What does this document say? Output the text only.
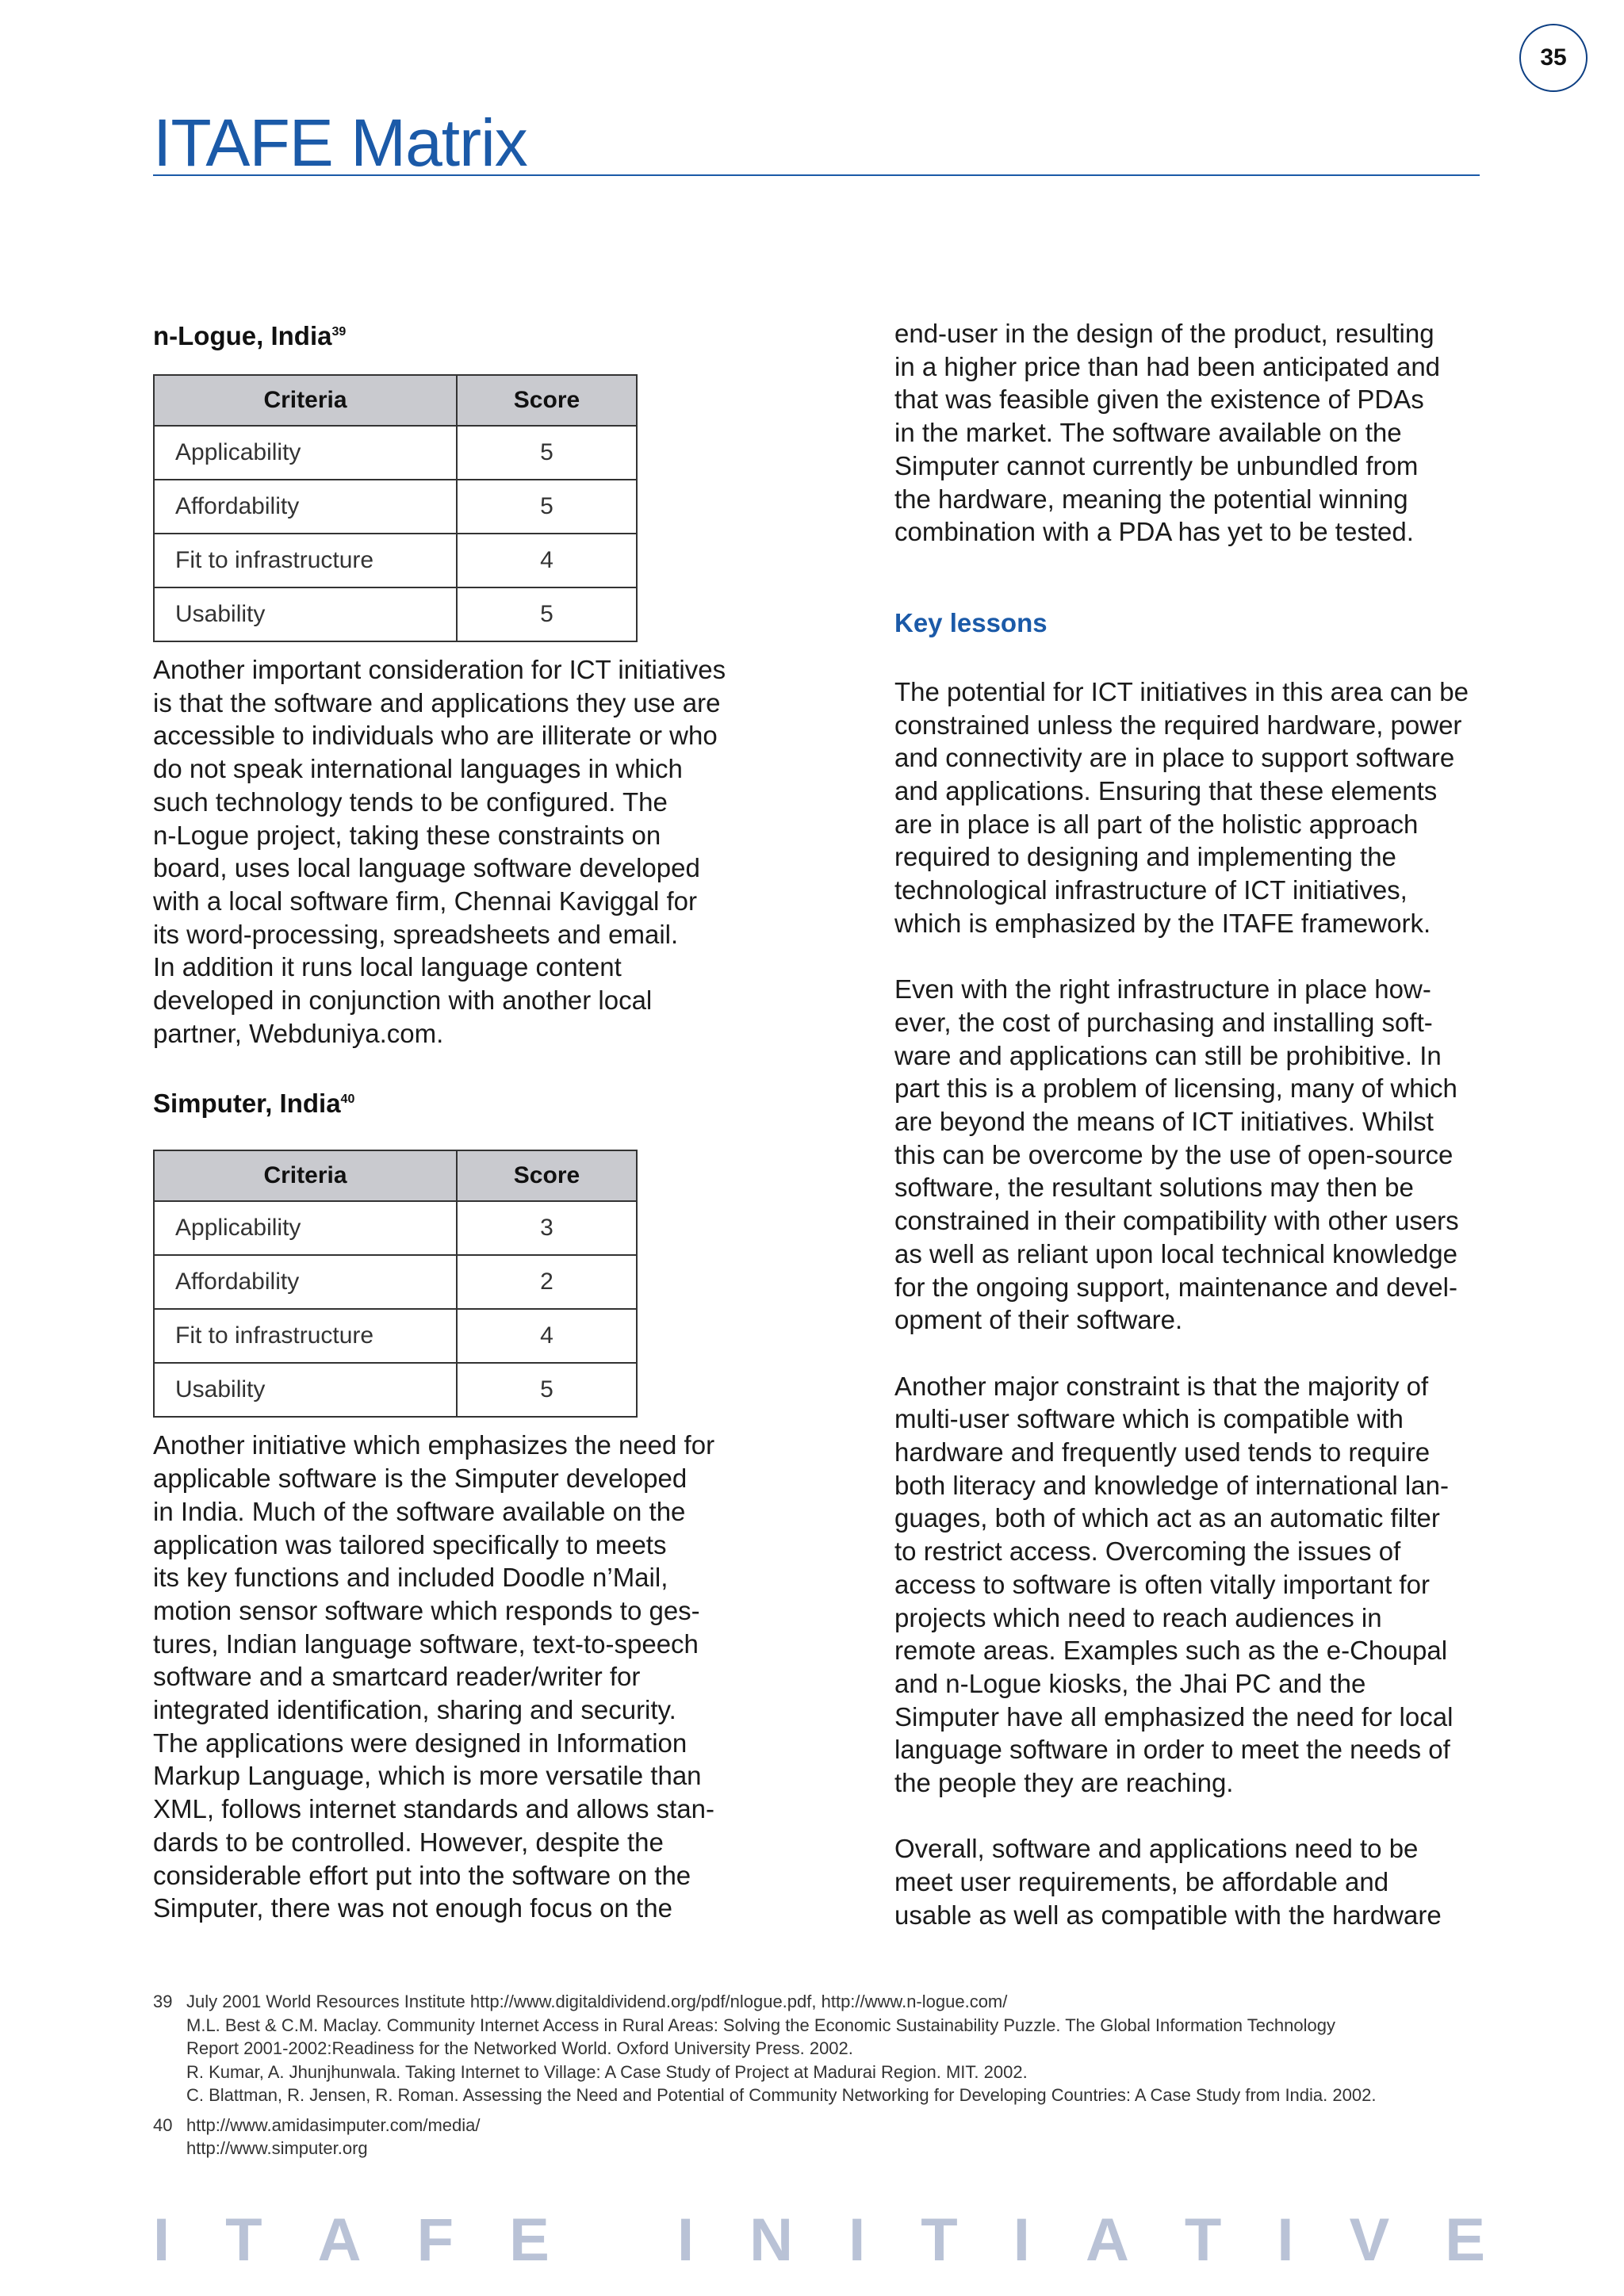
35
ITAFE Matrix
n-Logue, India$^{39}$
Criteria	Score
Applicability	5
Affordability	5
Fit to infrastructure	4
Usability	5

Another important consideration for ICT initiatives
is that the software and applications they use are
accessible to individuals who are illiterate or who
do not speak international languages in which
such technology tends to be configured. The
n-Logue project, taking these constraints on
board, uses local language software developed
with a local software firm, Chennai Kaviggal for
its word-processing, spreadsheets and email.
In addition it runs local language content
developed in conjunction with another local
partner, Webduniya.com.

Simputer, India$^{40}$
Criteria	Score
Applicability	3
Affordability	2
Fit to infrastructure	4
Usability	5

Another initiative which emphasizes the need for
applicable software is the Simputer developed
in India. Much of the software available on the
application was tailored specifically to meets
its key functions and included Doodle n’Mail,
motion sensor software which responds to ges-
tures, Indian language software, text-to-speech
software and a smartcard reader/writer for
integrated identification, sharing and security.
The applications were designed in Information
Markup Language, which is more versatile than
XML, follows internet standards and allows stan-
dards to be controlled. However, despite the
considerable effort put into the software on the
Simputer, there was not enough focus on the

end-user in the design of the product, resulting
in a higher price than had been anticipated and
that was feasible given the existence of PDAs
in the market. The software available on the
Simputer cannot currently be unbundled from
the hardware, meaning the potential winning
combination with a PDA has yet to be tested.

Key lessons

The potential for ICT initiatives in this area can be
constrained unless the required hardware, power
and connectivity are in place to support software
and applications. Ensuring that these elements
are in place is all part of the holistic approach
required to designing and implementing the
technological infrastructure of ICT initiatives,
which is emphasized by the ITAFE framework.

Even with the right infrastructure in place how-
ever, the cost of purchasing and installing soft-
ware and applications can still be prohibitive. In
part this is a problem of licensing, many of which
are beyond the means of ICT initiatives. Whilst
this can be overcome by the use of open-source
software, the resultant solutions may then be
constrained in their compatibility with other users
as well as reliant upon local technical knowledge
for the ongoing support, maintenance and devel-
opment of their software.

Another major constraint is that the majority of
multi-user software which is compatible with
hardware and frequently used tends to require
both literacy and knowledge of international lan-
guages, both of which act as an automatic filter
to restrict access. Overcoming the issues of
access to software is often vitally important for
projects which need to reach audiences in
remote areas. Examples such as the e-Choupal
and n-Logue kiosks, the Jhai PC and the
Simputer have all emphasized the need for local
language software in order to meet the needs of
the people they are reaching.

Overall, software and applications need to be
meet user requirements, be affordable and
usable as well as compatible with the hardware

39 July 2001 World Resources Institute http://www.digitaldividend.org/pdf/nlogue.pdf, http://www.n-logue.com/
M.L. Best & C.M. Maclay. Community Internet Access in Rural Areas: Solving the Economic Sustainability Puzzle. The Global Information Technology
Report 2001-2002:Readiness for the Networked World. Oxford University Press. 2002.
R. Kumar, A. Jhunjhunwala. Taking Internet to Village: A Case Study of Project at Madurai Region. MIT. 2002.
C. Blattman, R. Jensen, R. Roman. Assessing the Need and Potential of Community Networking for Developing Countries: A Case Study from India. 2002.
40 http://www.amidasimputer.com/media/
http://www.simputer.org
I T A F E
I N I T I A T I V E
